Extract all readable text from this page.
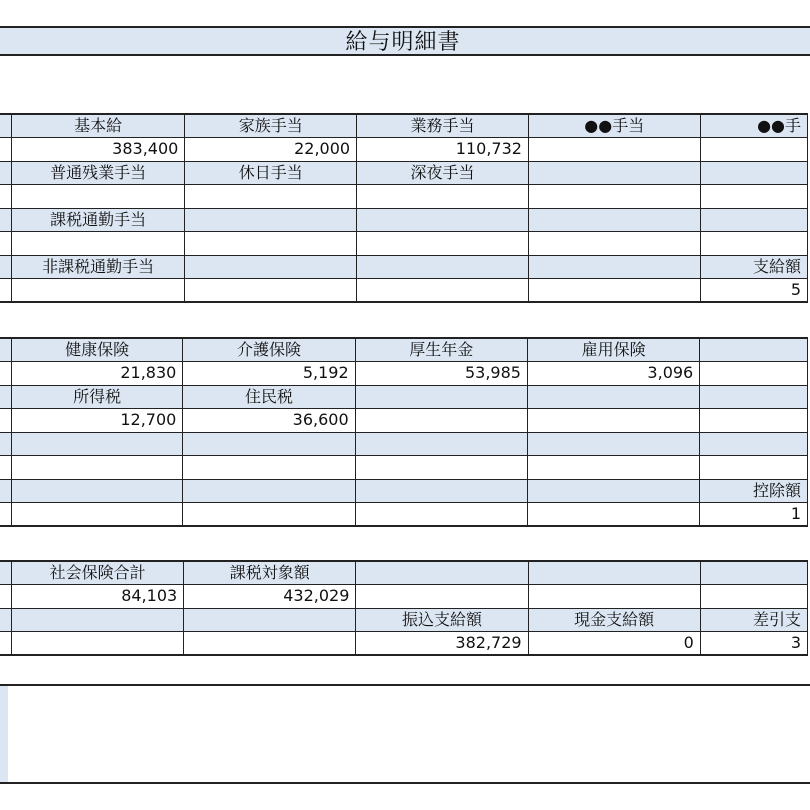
給与明細書
	基本給	家族手当	業務手当	●●手当	●●手
	383,400	22,000	110,732		
	普通残業手当	休日手当	深夜手当		

	課税通勤手当				

	非課税通勤手当				支給額
					5
	健康保険	介護保険	厚生年金	雇用保険	
	21,830	5,192	53,985	3,096	
	所得税	住民税			
	12,700	36,600			

					控除額
					1
	社会保険合計	課税対象額			
	84,103	432,029			
			振込支給額	現金支給額	差引支
			382,729	0	3
